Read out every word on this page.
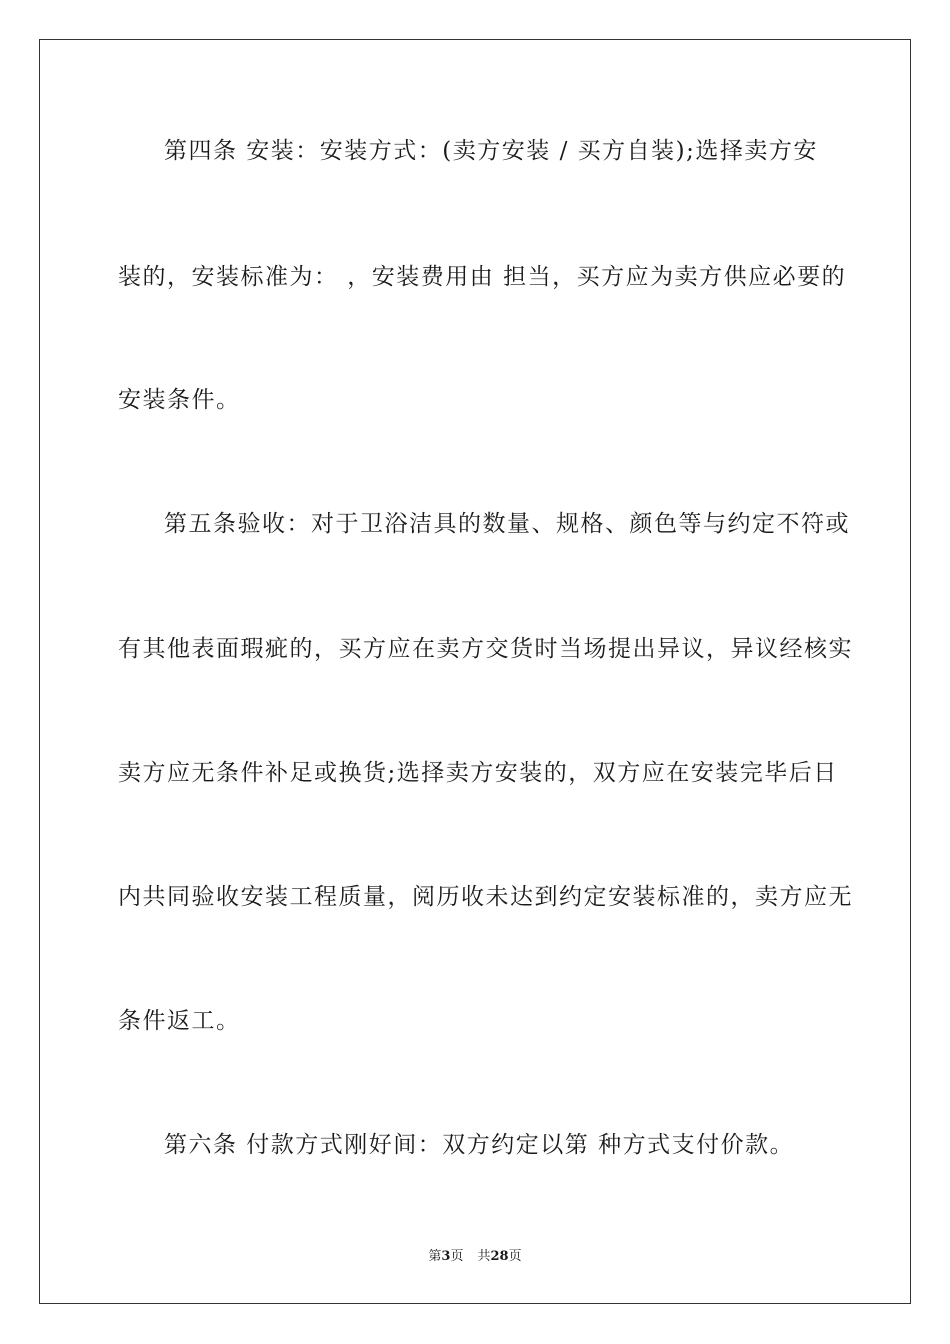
第四条 安装：安装方式：(卖方安装 / 买方自装);选择卖方安
装的，安装标准为： ，安装费用由 担当，买方应为卖方供应必要的
安装条件。
第五条验收：对于卫浴洁具的数量、规格、颜色等与约定不符或
有其他表面瑕疵的，买方应在卖方交货时当场提出异议，异议经核实
卖方应无条件补足或换货;选择卖方安装的，双方应在安装完毕后日
内共同验收安装工程质量，阅历收未达到约定安装标准的，卖方应无
条件返工。
第六条 付款方式刚好间：双方约定以第 种方式支付价款。
第3页 共28页
